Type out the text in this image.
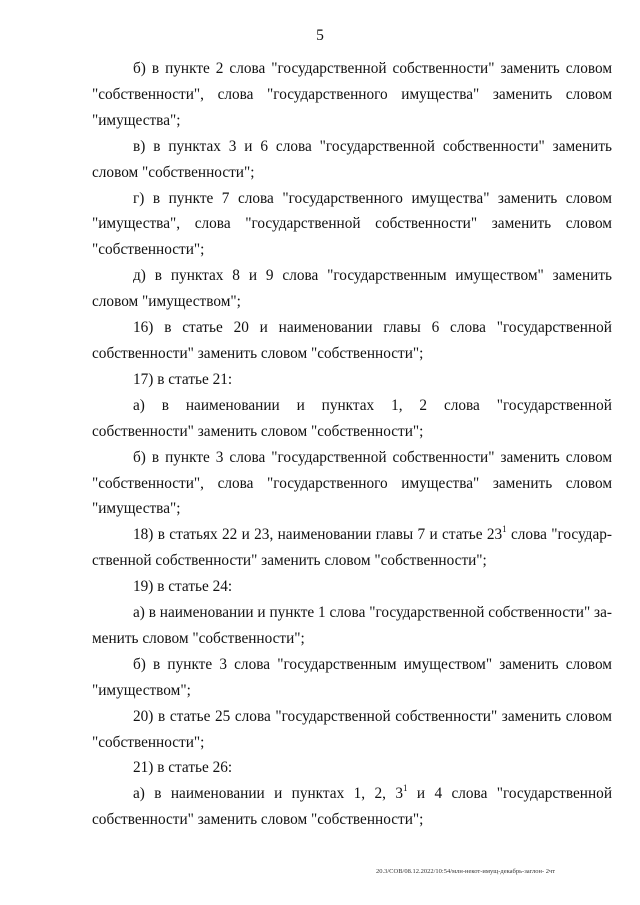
5

б) в пункте 2 слова "государственной собственности" заменить словом "собственности", слова "государственного имущества" заменить словом "имущества";

в) в пунктах 3 и 6 слова "государственной собственности" заменить словом "собственности";

г) в пункте 7 слова "государственного имущества" заменить словом "имущества", слова "государственной собственности" заменить словом "собственности";

д) в пунктах 8 и 9 слова "государственным имуществом" заменить словом "имуществом";

16) в статье 20 и наименовании главы 6 слова "государственной собственности" заменить словом "собственности";

17) в статье 21:

а) в наименовании и пунктах 1, 2 слова "государственной собственности" заменить словом "собственности";

б) в пункте 3 слова "государственной собственности" заменить словом "собственности", слова "государственного имущества" заменить словом "имущества";

18) в статьях 22 и 23, наименовании главы 7 и статье $23^1$ слова "государственной собственности" заменить словом "собственности";

19) в статье 24:

а) в наименовании и пункте 1 слова "государственной собственности" заменить словом "собственности";

б) в пункте 3 слова "государственным имуществом" заменить словом "имуществом";

20) в статье 25 слова "государственной собственности" заменить словом "собственности";

21) в статье 26:

а) в наименовании и пунктах 1, 2, $3^1$ и 4 слова "государственной собственности" заменить словом "собственности";

20.3/СОВ/08.12.2022/10:54/млн-некот-имущ-декабрь-заглон- 2чт
